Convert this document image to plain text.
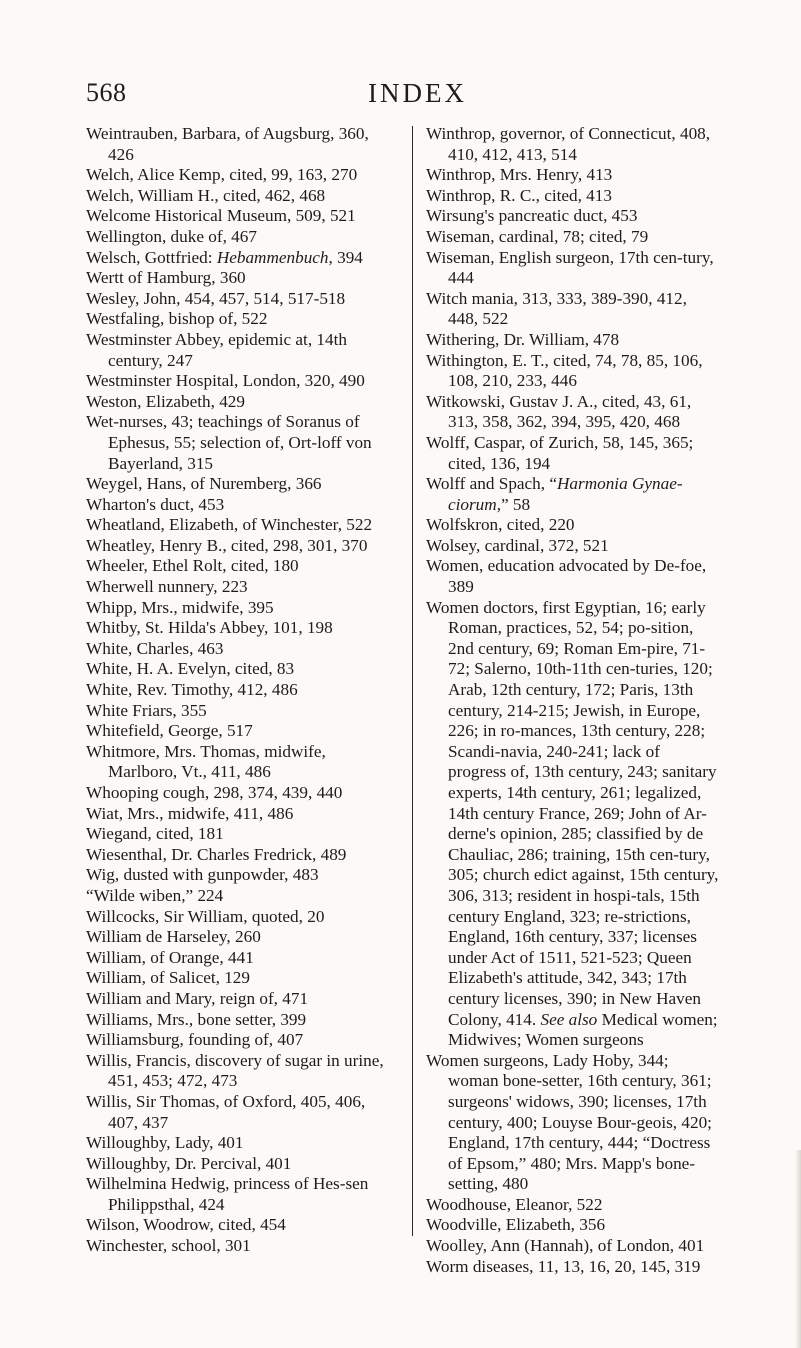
568	INDEX

Weintrauben, Barbara, of Augsburg, 360, 426

Welch, Alice Kemp, cited, 99, 163, 270

Welch, William H., cited, 462, 468

Welcome Historical Museum, 509, 521

Wellington, duke of, 467

Welsch, Gottfried: Hebammenbuch, 394

Wertt of Hamburg, 360

Wesley, John, 454, 457, 514, 517-518

Westfaling, bishop of, 522

Westminster Abbey, epidemic at, 14th century, 247

Westminster Hospital, London, 320, 490

Weston, Elizabeth, 429

Wet-nurses, 43; teachings of Soranus of Ephesus, 55; selection of, Ort-loff von Bayerland, 315

Weygel, Hans, of Nuremberg, 366

Wharton's duct, 453

Wheatland, Elizabeth, of Winchester, 522

Wheatley, Henry B., cited, 298, 301, 370

Wheeler, Ethel Rolt, cited, 180

Wherwell nunnery, 223

Whipp, Mrs., midwife, 395

Whitby, St. Hilda's Abbey, 101, 198

White, Charles, 463

White, H. A. Evelyn, cited, 83

White, Rev. Timothy, 412, 486

White Friars, 355

Whitefield, George, 517

Whitmore, Mrs. Thomas, midwife, Marlboro, Vt., 411, 486

Whooping cough, 298, 374, 439, 440

Wiat, Mrs., midwife, 411, 486

Wiegand, cited, 181

Wiesenthal, Dr. Charles Fredrick, 489

Wig, dusted with gunpowder, 483

“Wilde wiben,” 224

Willcocks, Sir William, quoted, 20

William de Harseley, 260

William, of Orange, 441

William, of Salicet, 129

William and Mary, reign of, 471

Williams, Mrs., bone setter, 399

Williamsburg, founding of, 407

Willis, Francis, discovery of sugar in urine, 451, 453; 472, 473

Willis, Sir Thomas, of Oxford, 405, 406, 407, 437

Willoughby, Lady, 401

Willoughby, Dr. Percival, 401

Wilhelmina Hedwig, princess of Hes-sen Philippsthal, 424

Wilson, Woodrow, cited, 454

Winchester, school, 301

Winthrop, governor, of Connecticut, 408, 410, 412, 413, 514

Winthrop, Mrs. Henry, 413

Winthrop, R. C., cited, 413

Wirsung's pancreatic duct, 453

Wiseman, cardinal, 78; cited, 79

Wiseman, English surgeon, 17th cen-tury, 444

Witch mania, 313, 333, 389-390, 412, 448, 522

Withering, Dr. William, 478

Withington, E. T., cited, 74, 78, 85, 106, 108, 210, 233, 446

Witkowski, Gustav J. A., cited, 43, 61, 313, 358, 362, 394, 395, 420, 468

Wolff, Caspar, of Zurich, 58, 145, 365; cited, 136, 194

Wolff and Spach, “Harmonia Gynae-ciorum,” 58

Wolfskron, cited, 220

Wolsey, cardinal, 372, 521

Women, education advocated by De-foe, 389

Women doctors, first Egyptian, 16; early Roman, practices, 52, 54; po-sition, 2nd century, 69; Roman Em-pire, 71-72; Salerno, 10th-11th cen-turies, 120; Arab, 12th century, 172; Paris, 13th century, 214-215; Jewish, in Europe, 226; in ro-mances, 13th century, 228; Scandi-navia, 240-241; lack of progress of, 13th century, 243; sanitary experts, 14th century, 261; legalized, 14th century France, 269; John of Ar-derne's opinion, 285; classified by de Chauliac, 286; training, 15th cen-tury, 305; church edict against, 15th century, 306, 313; resident in hospi-tals, 15th century England, 323; re-strictions, England, 16th century, 337; licenses under Act of 1511, 521-523; Queen Elizabeth's attitude, 342, 343; 17th century licenses, 390; in New Haven Colony, 414. See also Medical women; Midwives; Women surgeons

Women surgeons, Lady Hoby, 344; woman bone-setter, 16th century, 361; surgeons' widows, 390; licenses, 17th century, 400; Louyse Bour-geois, 420; England, 17th century, 444; “Doctress of Epsom,” 480; Mrs. Mapp's bone-setting, 480

Woodhouse, Eleanor, 522

Woodville, Elizabeth, 356

Woolley, Ann (Hannah), of London, 401

Worm diseases, 11, 13, 16, 20, 145, 319
